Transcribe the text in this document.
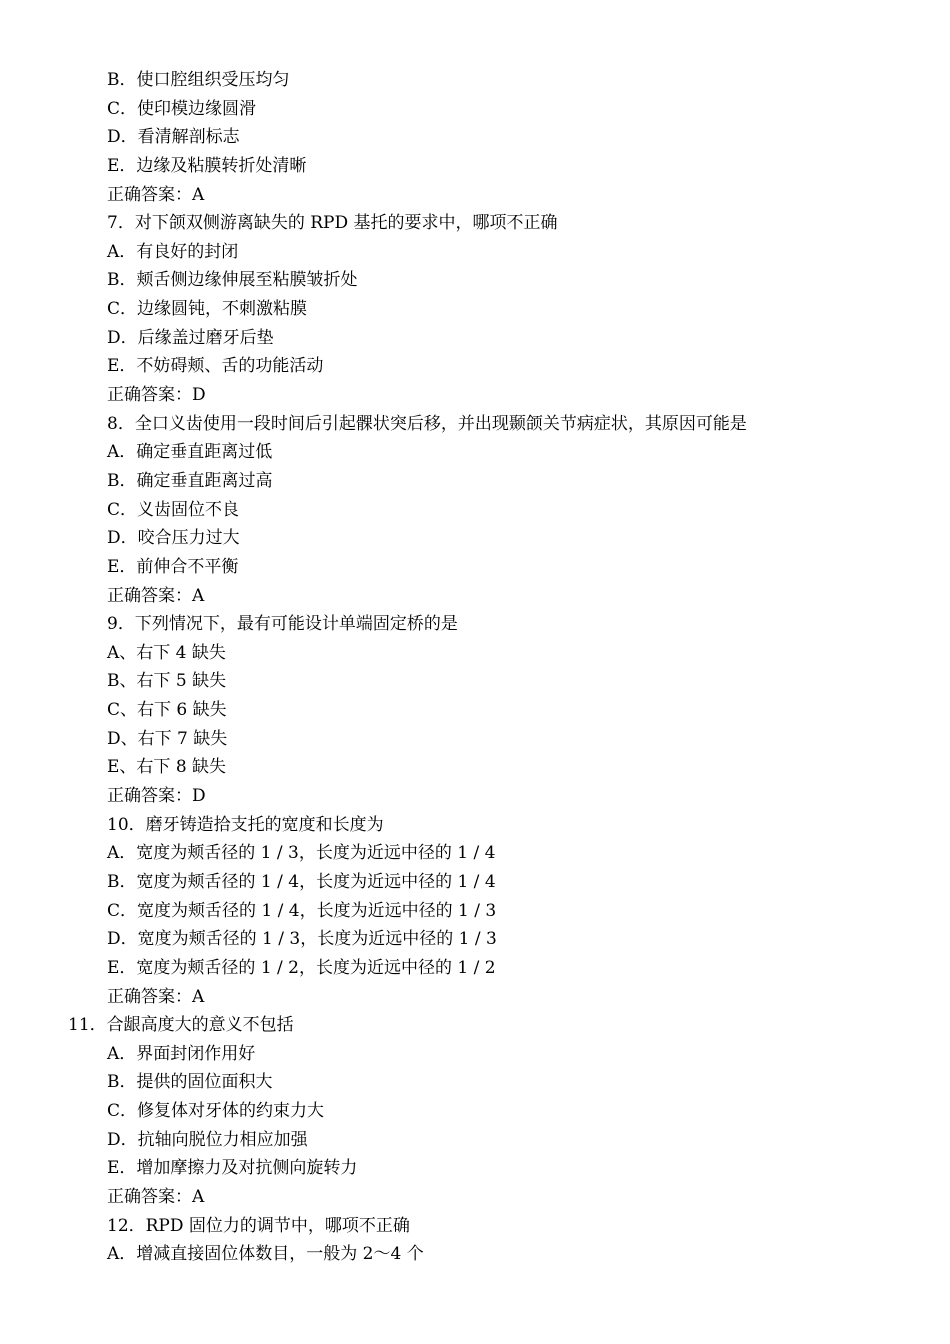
B．使口腔组织受压均匀
C．使印模边缘圆滑
D．看清解剖标志
E．边缘及粘膜转折处清晰
正确答案：A
7．对下颌双侧游离缺失的 RPD 基托的要求中，哪项不正确
A．有良好的封闭
B．颊舌侧边缘伸展至粘膜皱折处
C．边缘圆钝，不刺激粘膜
D．后缘盖过磨牙后垫
E．不妨碍颊、舌的功能活动
正确答案：D
8．全口义齿使用一段时间后引起髁状突后移，并出现颞颌关节病症状，其原因可能是
A．确定垂直距离过低
B．确定垂直距离过高
C．义齿固位不良
D．咬合压力过大
E．前伸合不平衡
正确答案：A
9．下列情况下，最有可能设计单端固定桥的是
A、右下 4 缺失
B、右下 5 缺失
C、右下 6 缺失
D、右下 7 缺失
E、右下 8 缺失
正确答案：D
10．磨牙铸造拾支托的宽度和长度为
A．宽度为颊舌径的 1 / 3，长度为近远中径的 1 / 4
B．宽度为颊舌径的 1 / 4，长度为近远中径的 1 / 4
C．宽度为颊舌径的 1 / 4，长度为近远中径的 1 / 3
D．宽度为颊舌径的 1 / 3，长度为近远中径的 1 / 3
E．宽度为颊舌径的 1 / 2，长度为近远中径的 1 / 2
正确答案：A
11．合龈高度大的意义不包括
A．界面封闭作用好
B．提供的固位面积大
C．修复体对牙体的约束力大
D．抗轴向脱位力相应加强
E．增加摩擦力及对抗侧向旋转力
正确答案：A
12．RPD 固位力的调节中，哪项不正确
A．增减直接固位体数目，一般为 2～4 个
